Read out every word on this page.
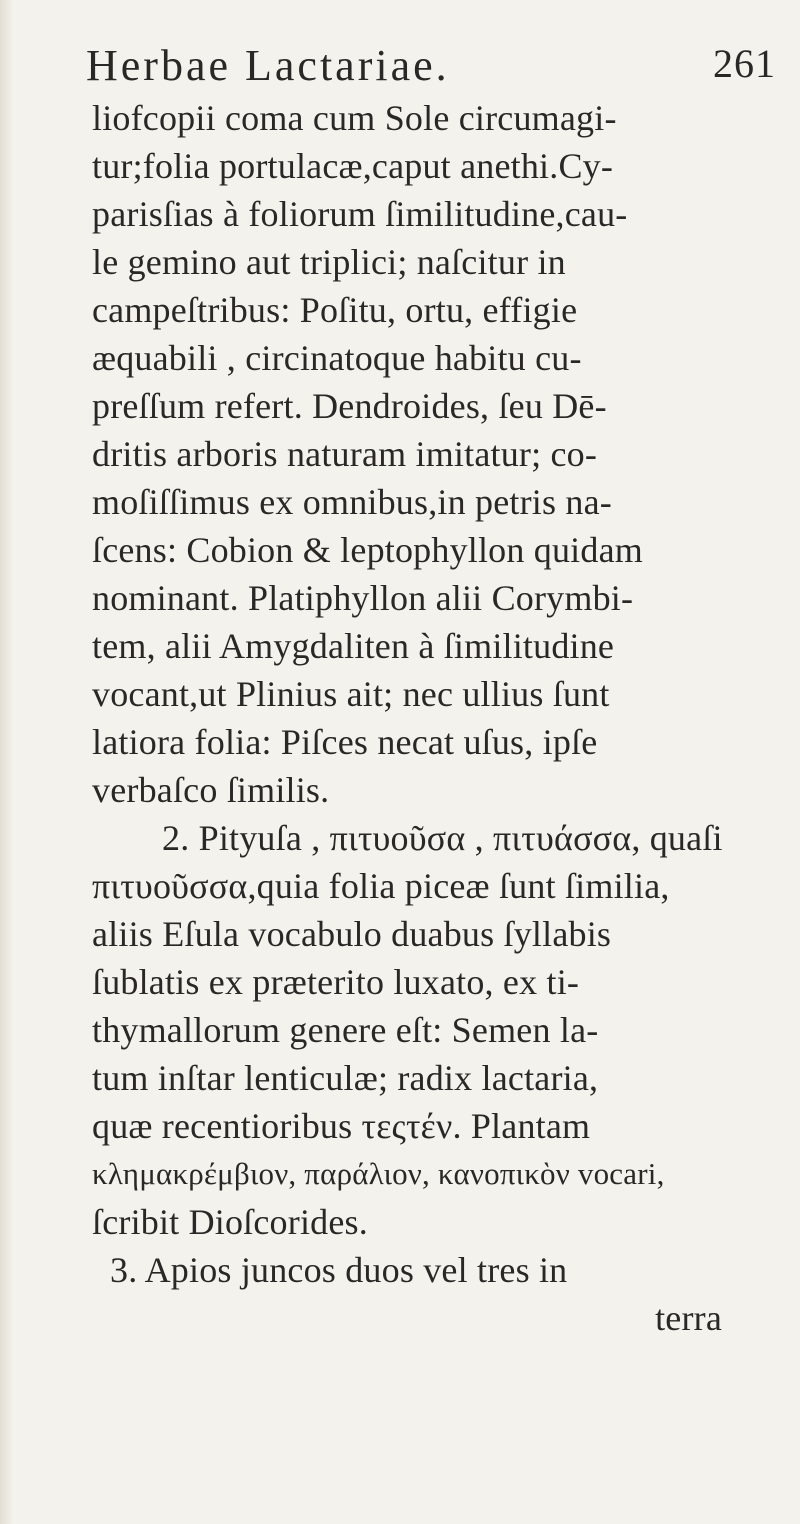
Herbae Lactariae.	261
liofcopii coma cum Sole circumagi-
tur;folia portulacæ,caput anethi.Cy-
parisſias à foliorum ſimilitudine,cau-
le gemino aut triplici; naſcitur in
campeſtribus: Poſitu, ortu, effigie
æquabili , circinatoque habitu cu-
preſſum refert. Dendroides, ſeu Dē-
dritis arboris naturam imitatur; co-
moſiſſimus ex omnibus,in petris na-
ſcens: Cobion & leptophyllon quidam
nominant. Platiphyllon alii Corymbi-
tem, alii Amygdaliten à ſimilitudine
vocant,ut Plinius ait; nec ullius ſunt
latiora folia: Piſces necat uſus, ipſe
verbaſco ſimilis.
2. Pityuſa , πιτυοῦσα , πιτυάσσα, quaſi
πιτυοῦσσα,quia folia piceæ ſunt ſimilia,
aliis Eſula vocabulo duabus ſyllabis
ſublatis ex præterito luxato, ex ti-
thymallorum genere eſt: Semen la-
tum inſtar lenticulæ; radix lactaria,
quæ recentioribus τεςτέν. Plantam
κλημακρέμβιον, παράλιον, κανοπικὸν vocari,
ſcribit Dioſcorides.
3. Apios juncos duos vel tres in
terra
